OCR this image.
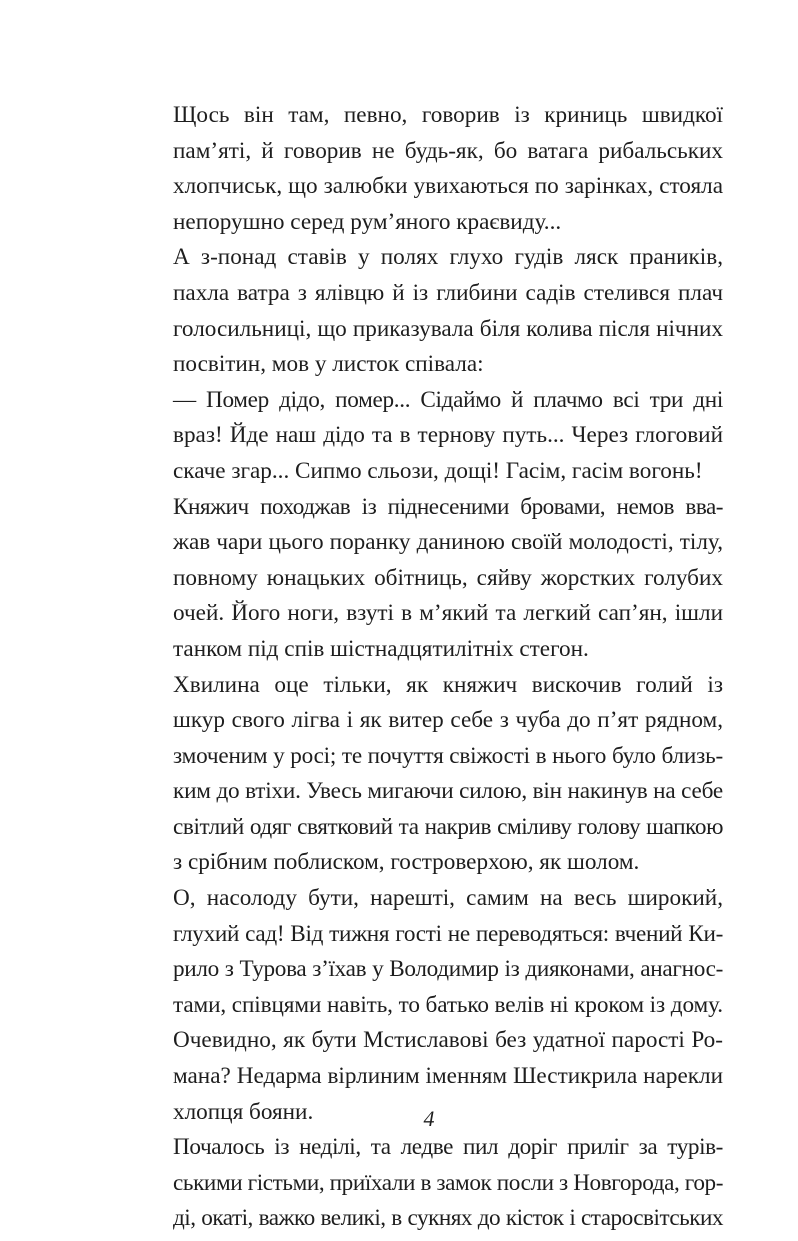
Щось він там, певно, говорив із криниць швидкої
пам’яті, й говорив не будь-як, бо ватага рибальських
хлопчиськ, що залюбки увихаються по зарінках, стояла
непорушно серед рум’яного краєвиду...

А з-понад ставів у полях глухо гудів ляск праників,
пахла ватра з ялівцю й із глибини садів стелився плач
голосильниці, що приказувала біля колива після нічних
посвітин, мов у листок співала:

— Помер дідо, помер... Сідаймо й плачмо всі три дні
враз! Йде наш дідо та в тернову путь... Через глоговий
скаче згар... Сипмо сльози, дощі! Гасім, гасім вогонь!

Княжич походжав із піднесеними бровами, немов вва-
жав чари цього поранку даниною своїй молодості, тілу,
повному юнацьких обітниць, сяйву жорстких голубих
очей. Його ноги, взуті в м’який та легкий сап’ян, ішли
танком під спів шістнадцятилітніх стегон.

Хвилина оце тільки, як княжич вискочив голий із
шкур свого лігва і як витер себе з чуба до п’ят рядном,
змоченим у росі; те почуття свіжості в нього було близь-
ким до втіхи. Увесь мигаючи силою, він накинув на себе
світлий одяг святковий та накрив сміливу голову шапкою
з срібним поблиском, гостроверхою, як шолом.

О, насолоду бути, нарешті, самим на весь широкий,
глухий сад! Від тижня гості не переводяться: вчений Ки-
рило з Турова з’їхав у Володимир із дияконами, анагнос-
тами, співцями навіть, то батько велів ні кроком із дому.
Очевидно, як бути Мстиславові без удатної парості Ро-
мана? Недарма вірлиним іменням Шестикрила нарекли
хлопця бояни.

Почалось із неділі, та ледве пил доріг приліг за турів-
ськими гістьми, приїхали в замок посли з Новгорода, гор-
ді, окаті, важко великі, в сукнях до кісток і старосвітських

4
